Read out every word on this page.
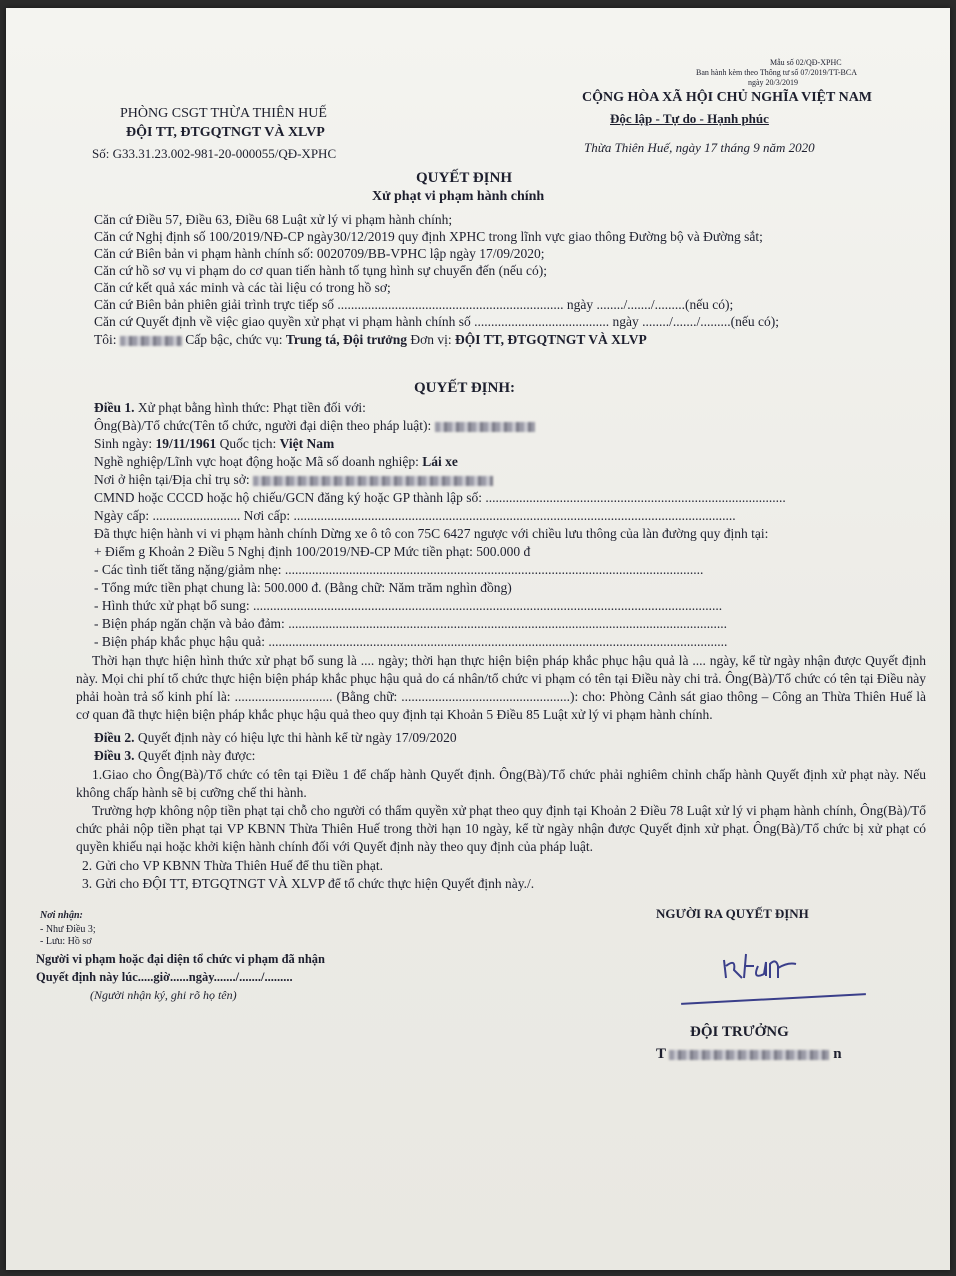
Mẫu số 02/QĐ-XPHC
Ban hành kèm theo Thông tư số 07/2019/TT-BCA
ngày 20/3/2019
PHÒNG CSGT THỪA THIÊN HUẾ
ĐỘI TT, ĐTGQTNGT VÀ XLVP
Số: G33.31.23.002-981-20-000055/QĐ-XPHC
CỘNG HÒA XÃ HỘI CHỦ NGHĨA VIỆT NAM
Độc lập - Tự do - Hạnh phúc
Thừa Thiên Huế, ngày 17 tháng 9 năm 2020
QUYẾT ĐỊNH
Xử phạt vi phạm hành chính
Căn cứ Điều 57, Điều 63, Điều 68 Luật xử lý vi phạm hành chính;
Căn cứ Nghị định số 100/2019/NĐ-CP ngày30/12/2019 quy định XPHC trong lĩnh vực giao thông Đường bộ và Đường sắt;
Căn cứ Biên bản vi phạm hành chính số: 0020709/BB-VPHC lập ngày 17/09/2020;
Căn cứ hồ sơ vụ vi phạm do cơ quan tiến hành tố tụng hình sự chuyển đến (nếu có);
Căn cứ kết quả xác minh và các tài liệu có trong hồ sơ;
Căn cứ Biên bản phiên giải trình trực tiếp số ................................................................... ngày ......../......./.........(nếu có);
Căn cứ Quyết định về việc giao quyền xử phạt vi phạm hành chính số ........................................ ngày ......../......./.........(nếu có);
Tôi:	Cấp bậc, chức vụ: Trung tá, Đội trưởng Đơn vị: ĐỘI TT, ĐTGQTNGT VÀ XLVP
QUYẾT ĐỊNH:
Điều 1. Xử phạt bằng hình thức: Phạt tiền đối với:
Ông(Bà)/Tổ chức(Tên tổ chức, người đại diện theo pháp luật):
Sinh ngày: 19/11/1961 Quốc tịch: Việt Nam
Nghề nghiệp/Lĩnh vực hoạt động hoặc Mã số doanh nghiệp: Lái xe
Nơi ở hiện tại/Địa chỉ trụ sở:
CMND hoặc CCCD hoặc hộ chiếu/GCN đăng ký hoặc GP thành lập số: .........................................................................................
Ngày cấp: .......................... Nơi cấp: ...................................................................................................................................
Đã thực hiện hành vi vi phạm hành chính Dừng xe ô tô con 75C 6427 ngược với chiều lưu thông của làn đường quy định tại:
+ Điểm g Khoản 2 Điều 5 Nghị định 100/2019/NĐ-CP Mức tiền phạt: 500.000 đ
- Các tình tiết tăng nặng/giảm nhẹ: ............................................................................................................................
- Tổng mức tiền phạt chung là: 500.000 đ. (Bằng chữ: Năm trăm nghìn đồng)
- Hình thức xử phạt bổ sung: ...........................................................................................................................................
- Biện pháp ngăn chặn và bảo đảm: ..................................................................................................................................
- Biện pháp khắc phục hậu quả: ........................................................................................................................................
Thời hạn thực hiện hình thức xử phạt bổ sung là .... ngày; thời hạn thực hiện biện pháp khắc phục hậu quả là .... ngày, kể từ ngày nhận được Quyết định này. Mọi chi phí tổ chức thực hiện biện pháp khắc phục hậu quả do cá nhân/tổ chức vi phạm có tên tại Điều này chi trả. Ông(Bà)/Tổ chức có tên tại Điều này phải hoàn trả số kinh phí là: ............................. (Bằng chữ: ..................................................): cho: Phòng Cảnh sát giao thông – Công an Thừa Thiên Huế là cơ quan đã thực hiện biện pháp khắc phục hậu quả theo quy định tại Khoản 5 Điều 85 Luật xử lý vi phạm hành chính.
Điều 2. Quyết định này có hiệu lực thi hành kể từ ngày 17/09/2020
Điều 3. Quyết định này được:
1.Giao cho Ông(Bà)/Tổ chức có tên tại Điều 1 để chấp hành Quyết định. Ông(Bà)/Tổ chức phải nghiêm chỉnh chấp hành Quyết định xử phạt này. Nếu không chấp hành sẽ bị cưỡng chế thi hành.
Trường hợp không nộp tiền phạt tại chỗ cho người có thẩm quyền xử phạt theo quy định tại Khoản 2 Điều 78 Luật xử lý vi phạm hành chính, Ông(Bà)/Tổ chức phải nộp tiền phạt tại VP KBNN Thừa Thiên Huế trong thời hạn 10 ngày, kể từ ngày nhận được Quyết định xử phạt. Ông(Bà)/Tổ chức bị xử phạt có quyền khiếu nại hoặc khởi kiện hành chính đối với Quyết định này theo quy định của pháp luật.
2. Gửi cho VP KBNN Thừa Thiên Huế để thu tiền phạt.
3. Gửi cho ĐỘI TT, ĐTGQTNGT VÀ XLVP để tổ chức thực hiện Quyết định này./.
Nơi nhận:
- Như Điều 3;
- Lưu: Hồ sơ
Người vi phạm hoặc đại diện tổ chức vi phạm đã nhận
Quyết định này lúc.....giờ......ngày......./......./.........
(Người nhận ký, ghi rõ họ tên)
NGƯỜI RA QUYẾT ĐỊNH
ĐỘI TRƯỞNG
T	n
